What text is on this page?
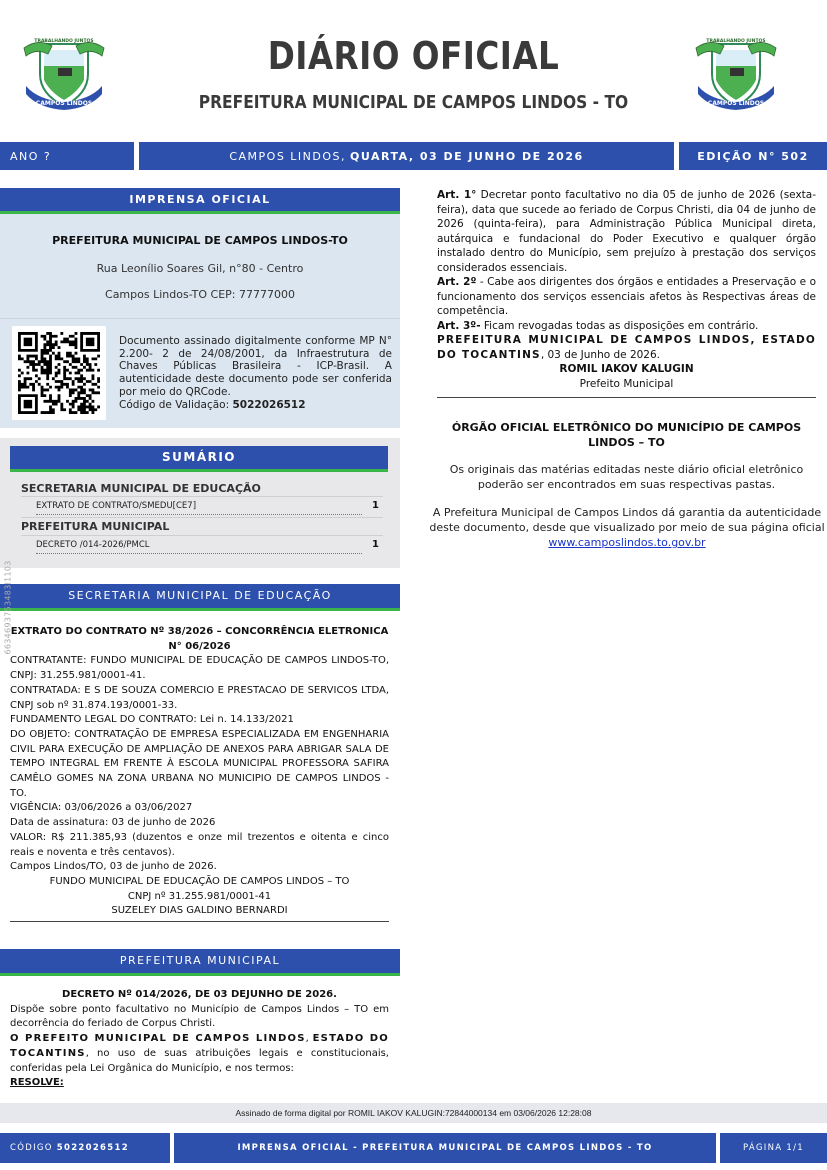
CAMPOS LINDOS
TRABALHANDO JUNTOS	DIÁRIO OFICIAL
PREFEITURA MUNICIPAL DE CAMPOS LINDOS - TO	CAMPOS LINDOS
TRABALHANDO JUNTOS
ANO ?	CAMPOS LINDOS, QUARTA, 03 DE JUNHO DE 2026	EDIÇÃO N° 502
IMPRENSA OFICIAL
PREFEITURA MUNICIPAL DE CAMPOS LINDOS-TO
Rua Leonílio Soares Gil, n°80 - Centro
Campos Lindos-TO CEP: 77777000
Documento assinado digitalmente conforme MP N° 2.200- 2 de 24/08/2001, da Infraestrutura de Chaves Públicas Brasileira - ICP-Brasil. A autenticidade deste documento pode ser conferida por meio do QRCode.
Código de Validação: 5022026512
SUMÁRIO
SECRETARIA MUNICIPAL DE EDUCAÇÃO
EXTRATO DE CONTRATO/SMEDU[CE7]	1
PREFEITURA MUNICIPAL
DECRETO /014-2026/PMCL	1
SECRETARIA MUNICIPAL DE EDUCAÇÃO
EXTRATO DO CONTRATO Nº 38/2026 – CONCORRÊNCIA ELETRONICA N° 06/2026
CONTRATANTE: FUNDO MUNICIPAL DE EDUCAÇÃO DE CAMPOS LINDOS-TO, CNPJ: 31.255.981/0001-41.
CONTRATADA: E S DE SOUZA COMERCIO E PRESTACAO DE SERVICOS LTDA, CNPJ sob nº 31.874.193/0001-33.
FUNDAMENTO LEGAL DO CONTRATO: Lei n. 14.133/2021
DO OBJETO: CONTRATAÇÃO DE EMPRESA ESPECIALIZADA EM ENGENHARIA CIVIL PARA EXECUÇÃO DE AMPLIAÇÃO DE ANEXOS PARA ABRIGAR SALA DE TEMPO INTEGRAL EM FRENTE À ESCOLA MUNICIPAL PROFESSORA SAFIRA CAMÊLO GOMES NA ZONA URBANA NO MUNICIPIO DE CAMPOS LINDOS - TO.
VIGÊNCIA: 03/06/2026 a 03/06/2027
Data de assinatura: 03 de junho de 2026
VALOR: R$ 211.385,93 (duzentos e onze mil trezentos e oitenta e cinco reais e noventa e três centavos).
Campos Lindos/TO, 03 de junho de 2026.
FUNDO MUNICIPAL DE EDUCAÇÃO DE CAMPOS LINDOS – TO
CNPJ nº 31.255.981/0001-41
SUZELEY DIAS GALDINO BERNARDI
PREFEITURA MUNICIPAL
DECRETO Nº 014/2026, DE 03 DEJUNHO DE 2026.
Dispõe sobre ponto facultativo no Município de Campos Lindos – TO em decorrência do feriado de Corpus Christi.
O PREFEITO MUNICIPAL DE CAMPOS LINDOS, ESTADO DO TOCANTINS, no uso de suas atribuições legais e constitucionais, conferidas pela Lei Orgânica do Município, e nos termos:
RESOLVE:
6634693753483l1103
Art. 1° Decretar ponto facultativo no dia 05 de junho de 2026 (sexta-feira), data que sucede ao feriado de Corpus Christi, dia 04 de junho de 2026 (quinta-feira), para Administração Pública Municipal direta, autárquica e fundacional do Poder Executivo e qualquer órgão instalado dentro do Município, sem prejuízo à prestação dos serviços considerados essenciais.
Art. 2º - Cabe aos dirigentes dos órgãos e entidades a Preservação e o funcionamento dos serviços essenciais afetos às Respectivas áreas de competência.
Art. 3º- Ficam revogadas todas as disposições em contrário.
PREFEITURA MUNICIPAL DE CAMPOS LINDOS, ESTADO DO TOCANTINS, 03 de Junho de 2026.
ROMIL IAKOV KALUGIN
Prefeito Municipal
ÓRGÃO OFICIAL ELETRÔNICO DO MUNICÍPIO DE CAMPOS LINDOS – TO
Os originais das matérias editadas neste diário oficial eletrônico poderão ser encontrados em suas respectivas pastas.
A Prefeitura Municipal de Campos Lindos dá garantia da autenticidade deste documento, desde que visualizado por meio de sua página oficial www.camposlindos.to.gov.br
Assinado de forma digital por ROMIL IAKOV KALUGIN:72844000134 em 03/06/2026 12:28:08
CÓDIGO 5022026512	IMPRENSA OFICIAL - PREFEITURA MUNICIPAL DE CAMPOS LINDOS - TO	PÁGINA 1/1
